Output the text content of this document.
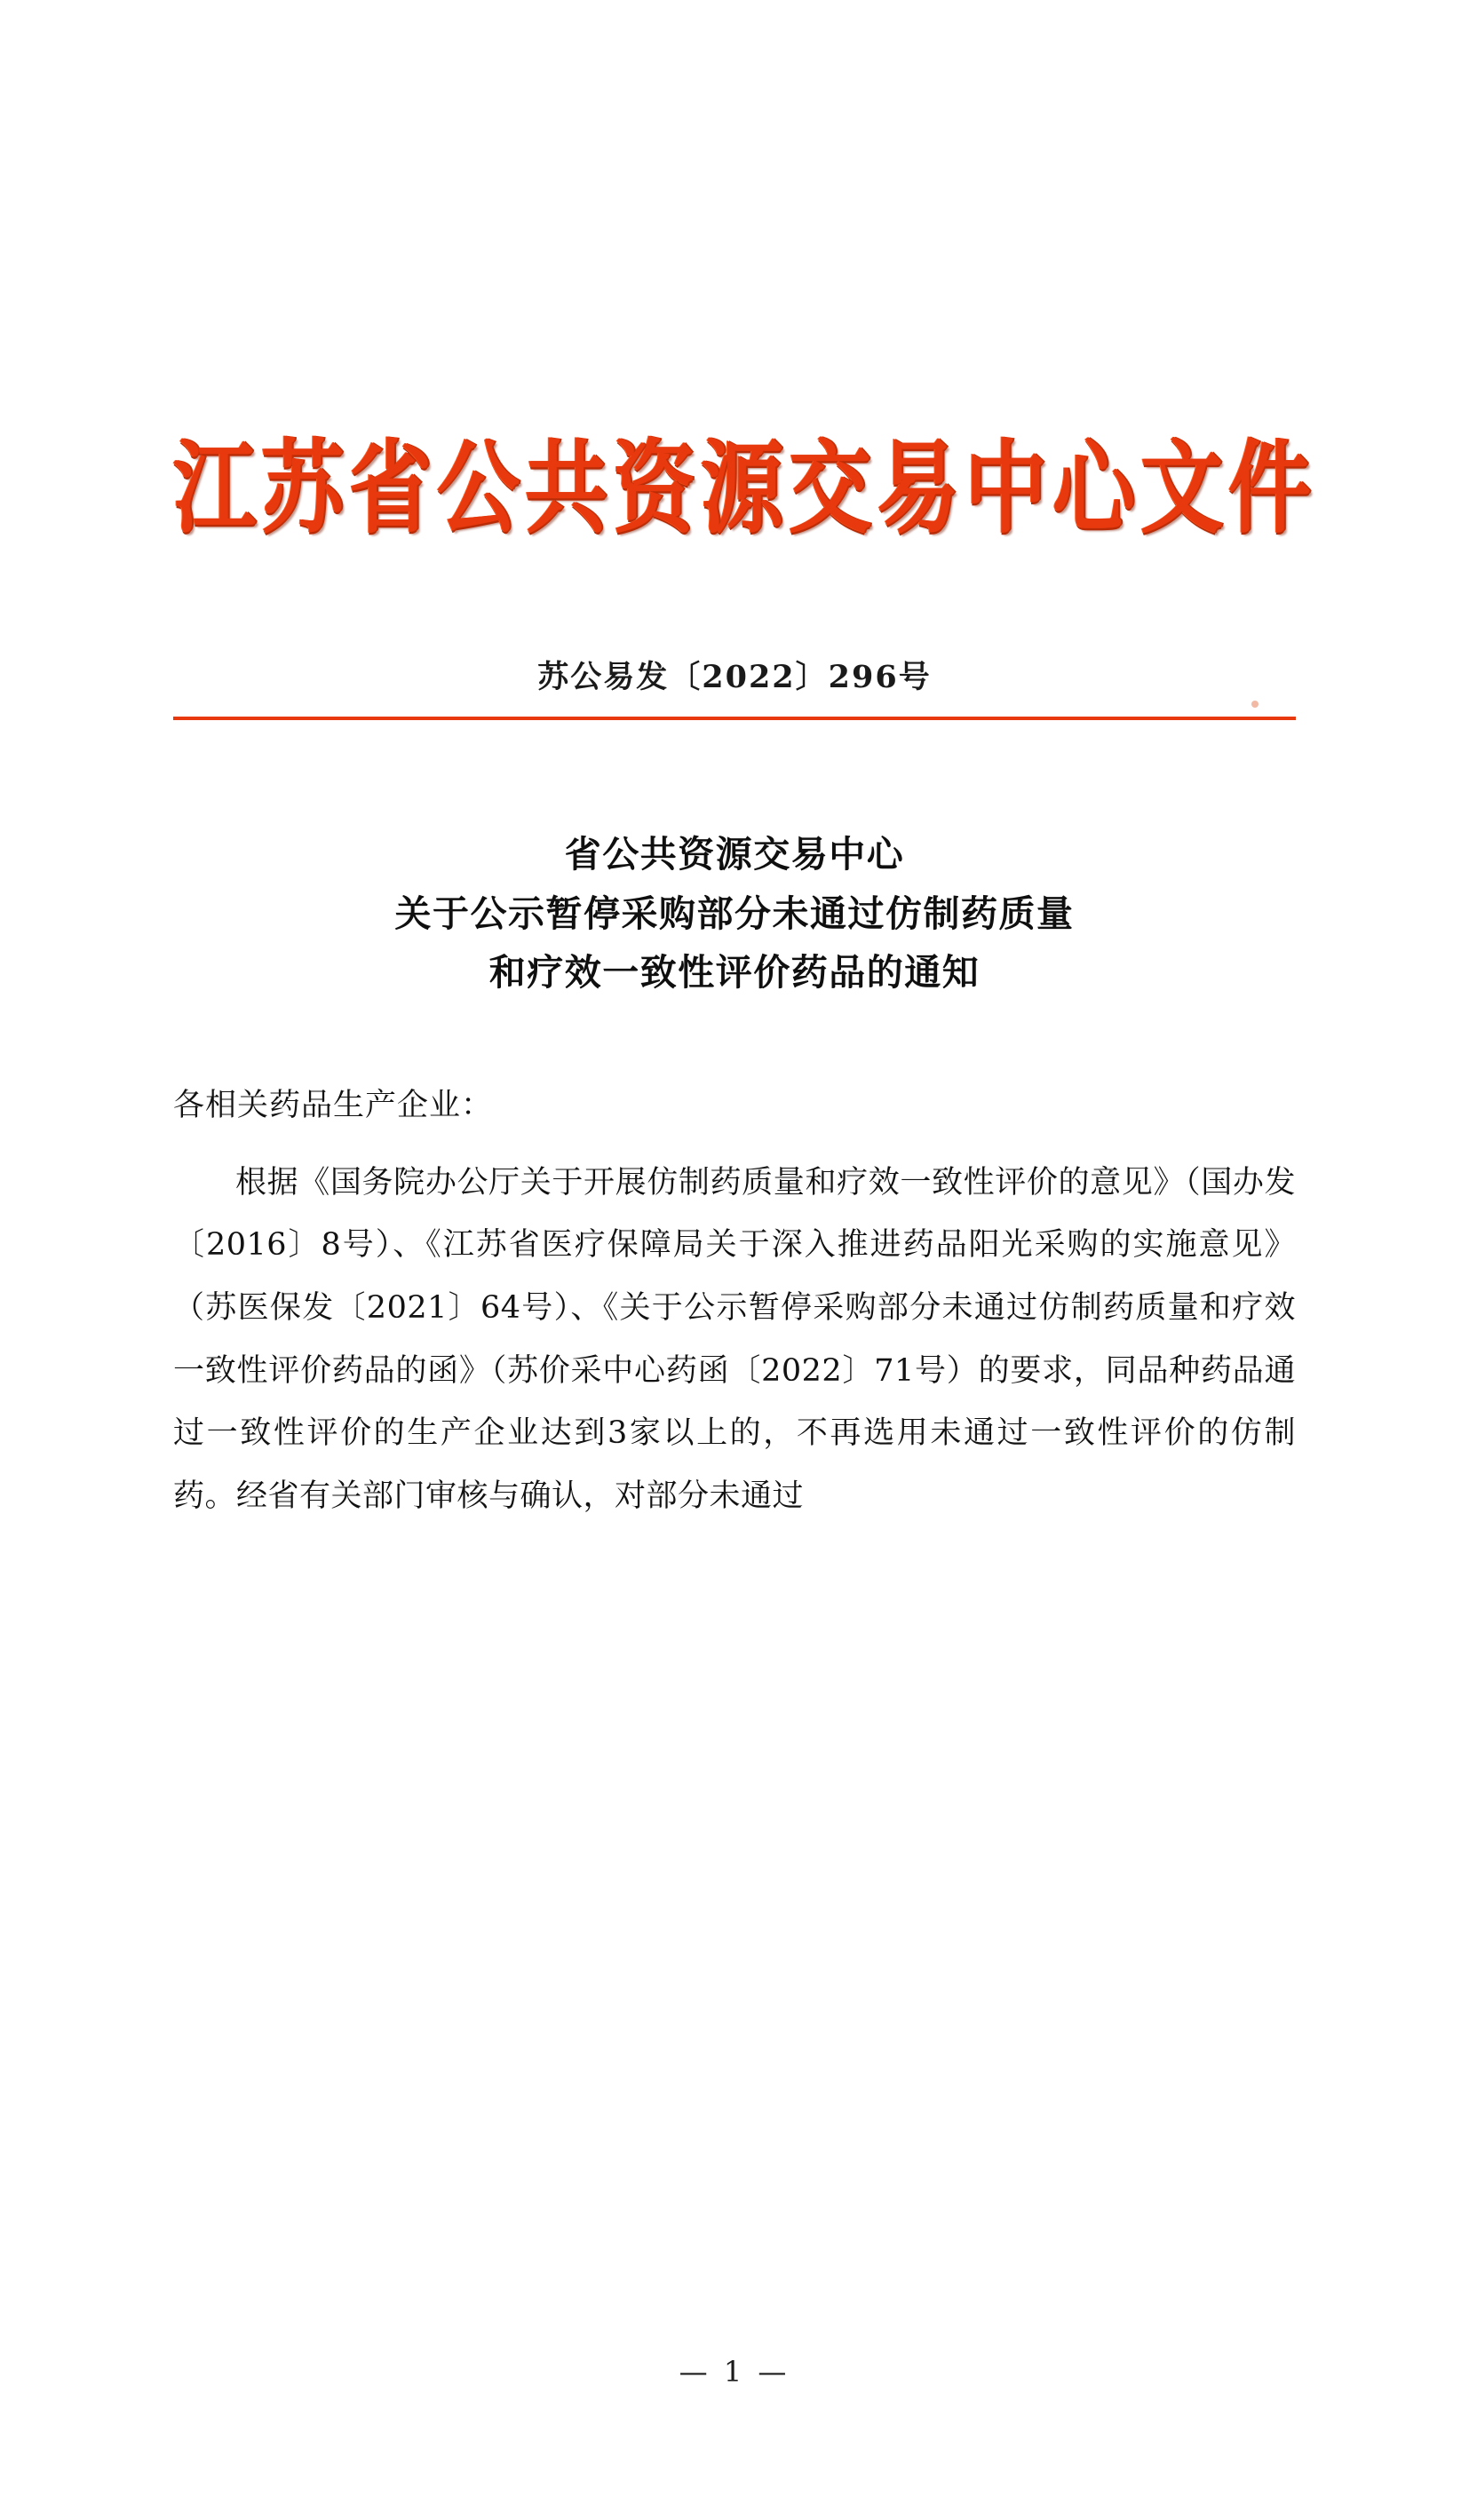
江苏省公共资源交易中心文件
苏公易发〔2022〕296号
省公共资源交易中心
关于公示暂停采购部分未通过仿制药质量
和疗效一致性评价药品的通知
各相关药品生产企业：
根据《国务院办公厅关于开展仿制药质量和疗效一致性评价的意见》（国办发〔2016〕8号）、《江苏省医疗保障局关于深入推进药品阳光采购的实施意见》（苏医保发〔2021〕64号）、《关于公示暂停采购部分未通过仿制药质量和疗效一致性评价药品的函》（苏价采中心药函〔2022〕71号）的要求，同品种药品通过一致性评价的生产企业达到3家以上的，不再选用未通过一致性评价的仿制药。经省有关部门审核与确认，对部分未通过
— 1 —
